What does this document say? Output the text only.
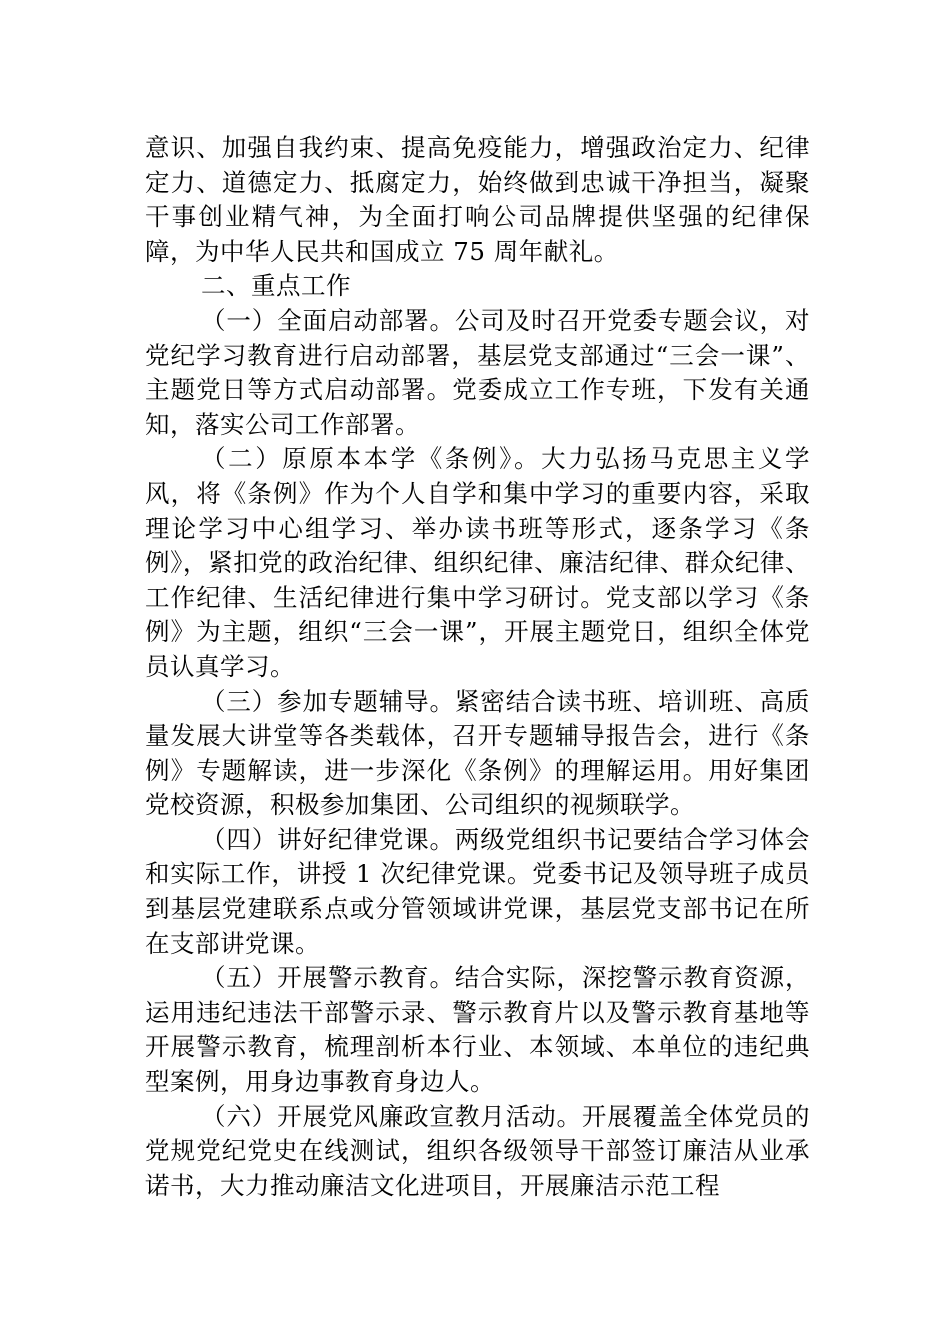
意识、加强自我约束、提高免疫能力，增强政治定力、纪律定力、道德定力、抵腐定力，始终做到忠诚干净担当，凝聚干事创业精气神，为全面打响公司品牌提供坚强的纪律保障，为中华人民共和国成立 75 周年献礼。

二、重点工作

（一）全面启动部署。公司及时召开党委专题会议，对党纪学习教育进行启动部署，基层党支部通过“三会一课”、主题党日等方式启动部署。党委成立工作专班，下发有关通知，落实公司工作部署。

（二）原原本本学《条例》。大力弘扬马克思主义学风，将《条例》作为个人自学和集中学习的重要内容，采取理论学习中心组学习、举办读书班等形式，逐条学习《条例》，紧扣党的政治纪律、组织纪律、廉洁纪律、群众纪律、工作纪律、生活纪律进行集中学习研讨。党支部以学习《条例》为主题，组织“三会一课”，开展主题党日，组织全体党员认真学习。

（三）参加专题辅导。紧密结合读书班、培训班、高质量发展大讲堂等各类载体，召开专题辅导报告会，进行《条例》专题解读，进一步深化《条例》的理解运用。用好集团党校资源，积极参加集团、公司组织的视频联学。

（四）讲好纪律党课。两级党组织书记要结合学习体会和实际工作，讲授 1 次纪律党课。党委书记及领导班子成员到基层党建联系点或分管领域讲党课，基层党支部书记在所在支部讲党课。

（五）开展警示教育。结合实际，深挖警示教育资源，运用违纪违法干部警示录、警示教育片以及警示教育基地等开展警示教育，梳理剖析本行业、本领域、本单位的违纪典型案例，用身边事教育身边人。

（六）开展党风廉政宣教月活动。开展覆盖全体党员的党规党纪党史在线测试，组织各级领导干部签订廉洁从业承诺书，大力推动廉洁文化进项目，开展廉洁示范工程
